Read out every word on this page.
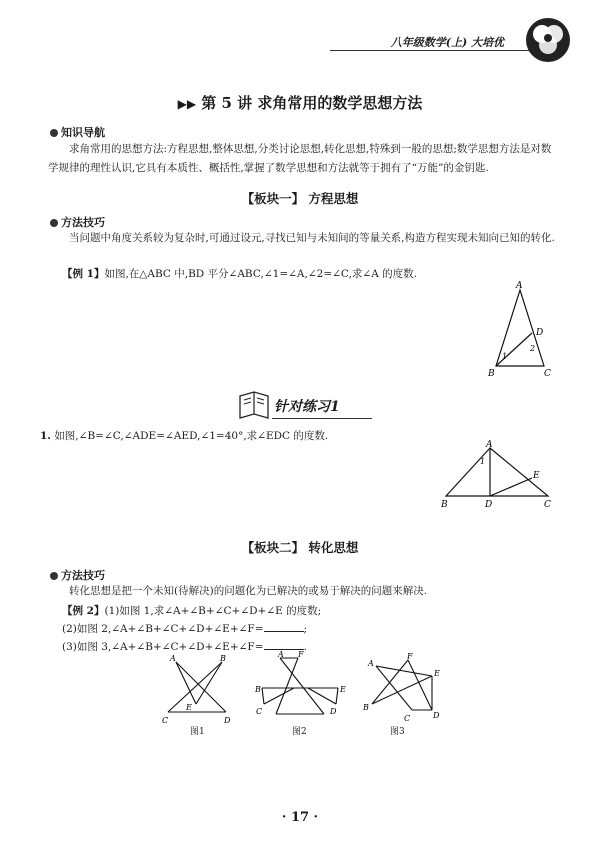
八年级数学(上) 大培优
▶▶ 第 5 讲 求角常用的数学思想方法
知识导航
求角常用的思想方法:方程思想,整体思想,分类讨论思想,转化思想,特殊到一般的思想;数学思想方法是对数学规律的理性认识,它具有本质性、概括性,掌握了数学思想和方法就等于拥有了“万能”的金钥匙.
【板块一】 方程思想
方法技巧
当问题中角度关系较为复杂时,可通过设元,寻找已知与未知间的等量关系,构造方程实现未知向已知的转化.
【例 1】如图,在△ABC 中,BD 平分∠ABC,∠1=∠A,∠2=∠C,求∠A 的度数.
A
B	C
D
1
2
针对练习1
1. 如图,∠B=∠C,∠ADE=∠AED,∠1=40°,求∠EDC 的度数.
A
B	D	C
E
1
【板块二】 转化思想
方法技巧
转化思想是把一个未知(待解决)的问题化为已解决的或易于解决的问题来解决.
【例 2】(1)如图 1,求∠A+∠B+∠C+∠D+∠E 的度数;
(2)如图 2,∠A+∠B+∠C+∠D+∠E+∠F=	;
(3)如图 3,∠A+∠B+∠C+∠D+∠E+∠F=	.
A	B
C	D
E
图1
A
B
C	D
E
F
图2
A
B
C	D
E
F
图3
· 17 ·
